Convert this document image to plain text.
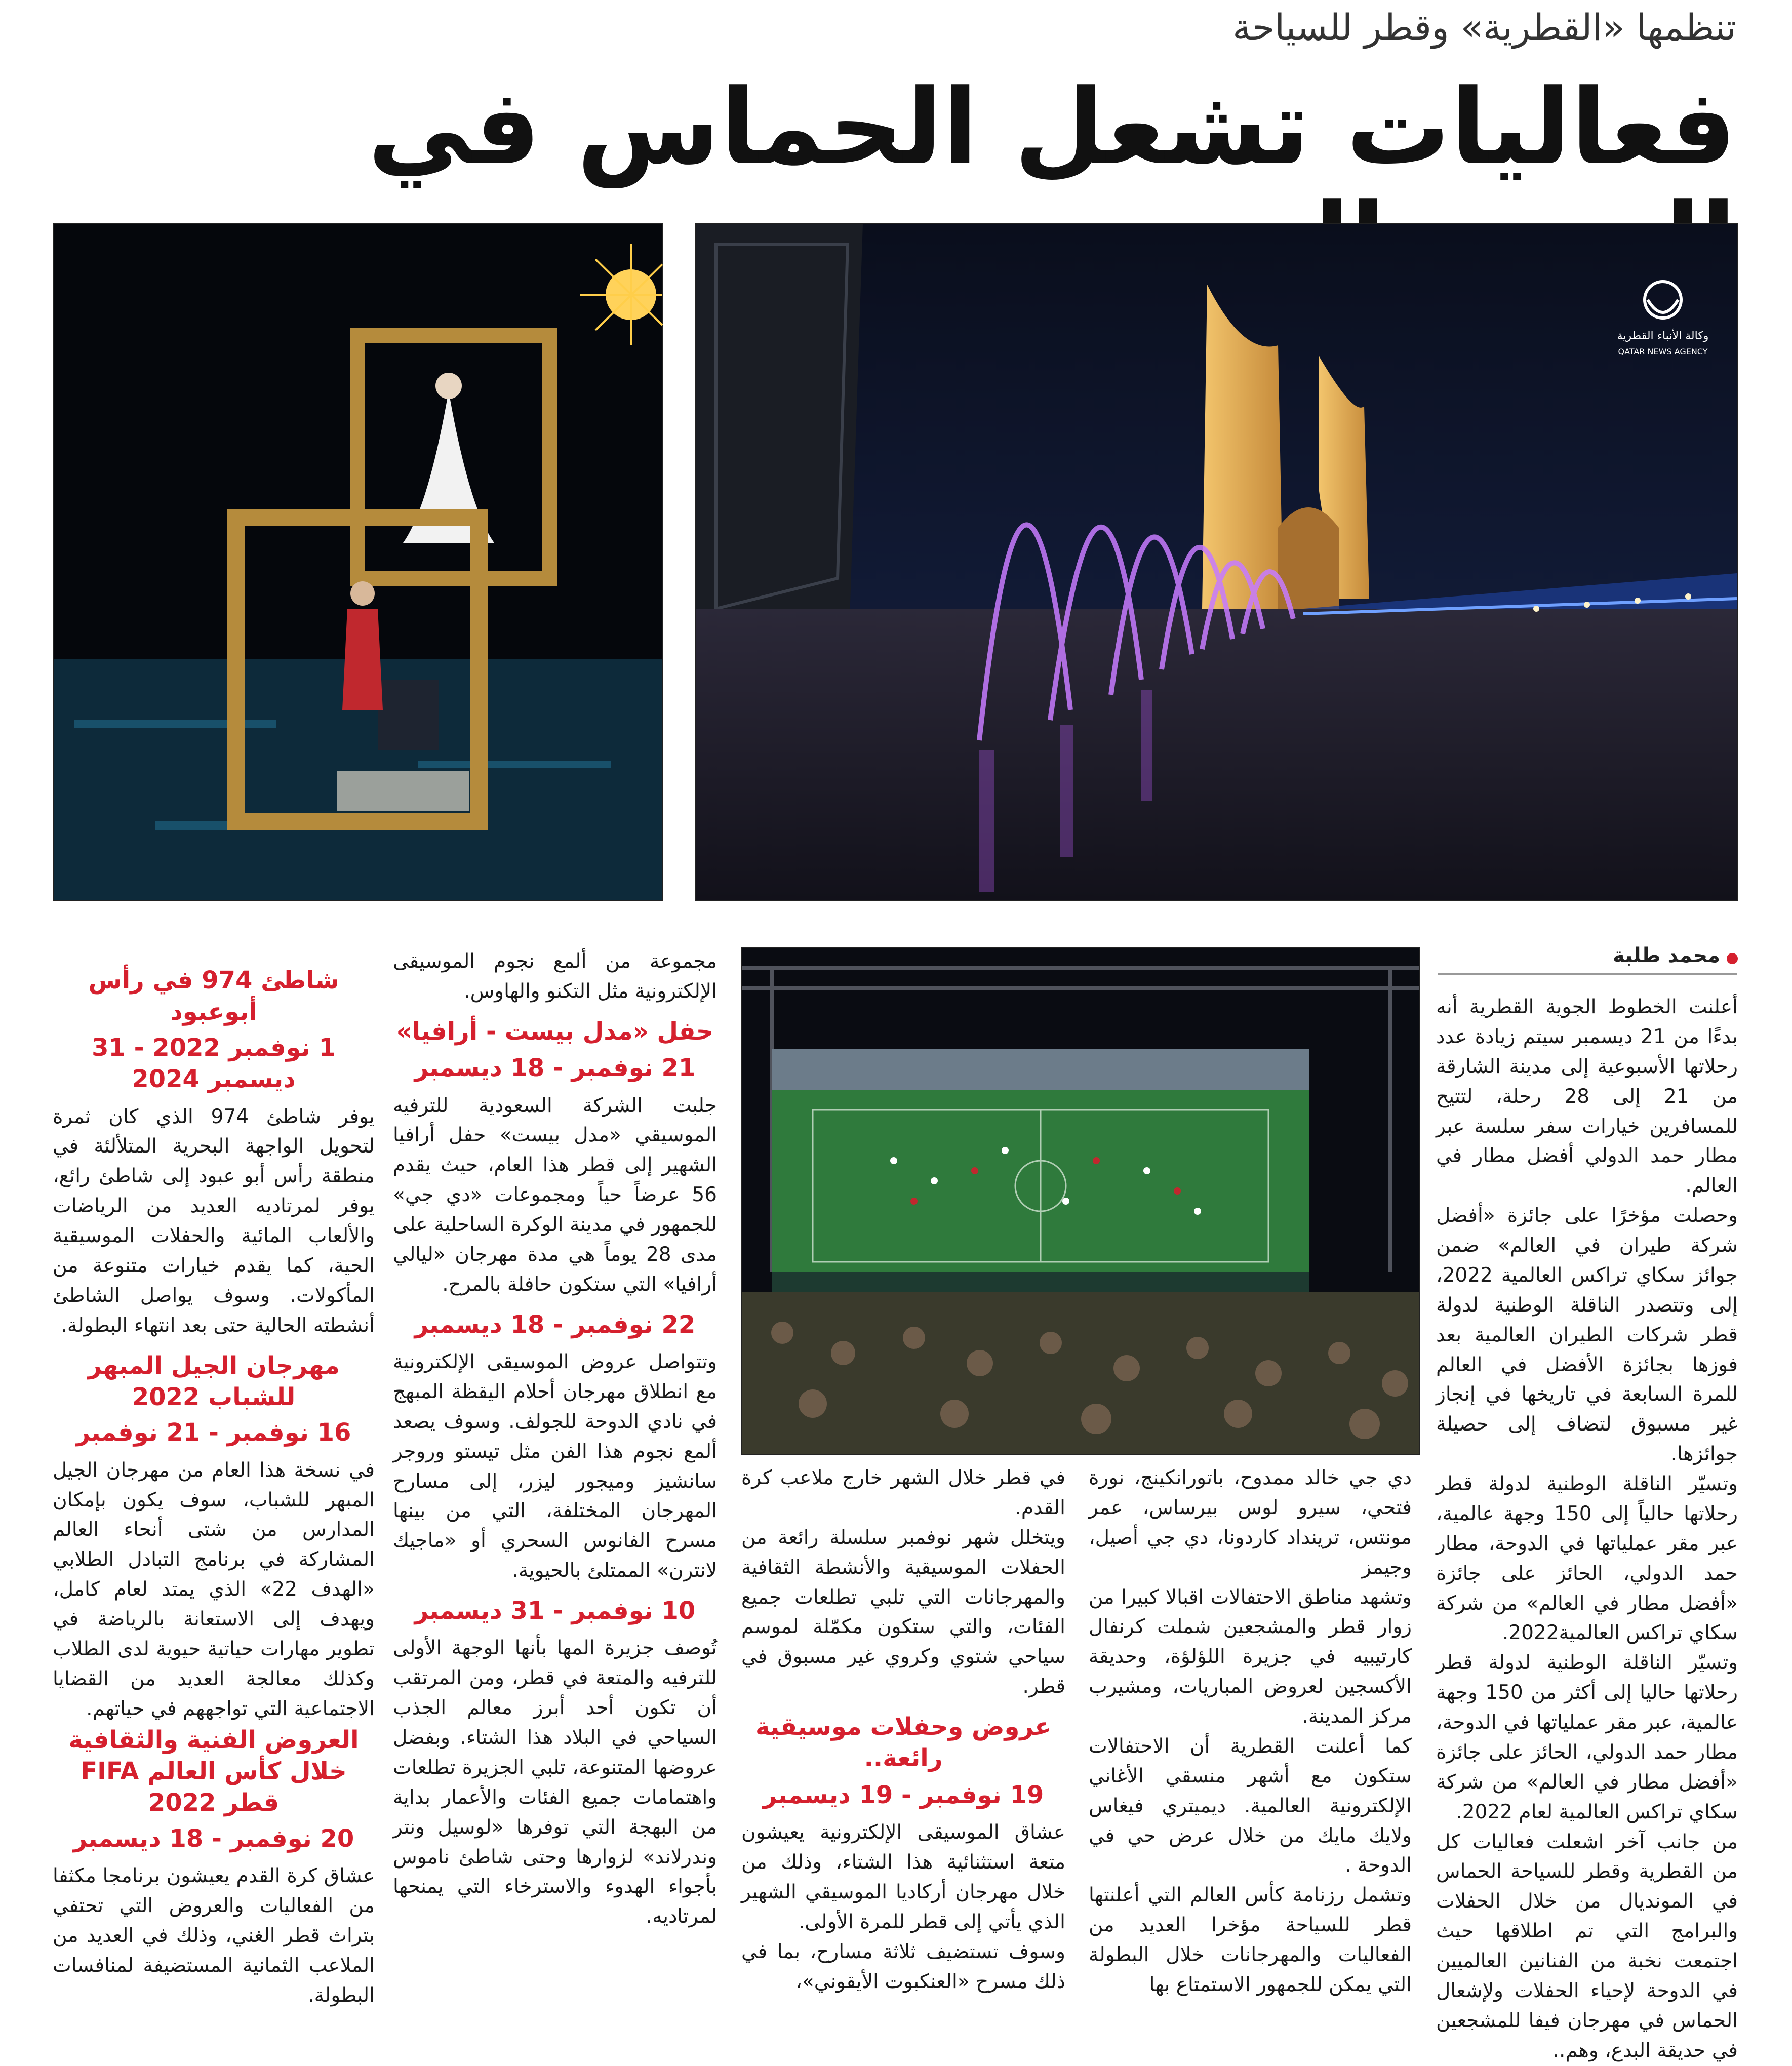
تنظمها «القطرية» وقطر للسياحة
فعاليات تشعل الحماس في
وكالة الأنباء القطرية
QATAR NEWS AGENCY
محمد طلبة

أعلنت الخطوط الجوية القطرية أنه بدءًا من 21 ديسمبر سيتم زيادة عدد رحلاتها الأسبوعية إلى مدينة الشارقة من 21 إلى 28 رحلة، لتتيح للمسافرين خيارات سفر سلسة عبر مطار حمد الدولي أفضل مطار في العالم.

وحصلت مؤخرًا على جائزة «أفضل شركة طيران في العالم» ضمن جوائز سكاي تراكس العالمية 2022، إلى وتتصدر الناقلة الوطنية لدولة قطر شركات الطيران العالمية بعد فوزها بجائزة الأفضل في العالم للمرة السابعة في تاريخها في إنجاز غير مسبوق لتضاف إلى حصيلة جوائزها.

وتسيّر الناقلة الوطنية لدولة قطر رحلاتها حالياً إلى 150 وجهة عالمية، عبر مقر عملياتها في الدوحة، مطار حمد الدولي، الحائز على جائزة «أفضل مطار في العالم» من شركة سكاي تراكس العالمية2022.

وتسيّر الناقلة الوطنية لدولة قطر رحلاتها حاليا إلى أكثر من 150 وجهة عالمية، عبر مقر عملياتها في الدوحة، مطار حمد الدولي، الحائز على جائزة «أفضل مطار في العالم» من شركة سكاي تراكس العالمية لعام 2022.

من جانب آخر اشعلت فعاليات كل من القطرية وقطر للسياحة الحماس في المونديال من خلال الحفلات والبرامج التي تم اطلاقها حيث اجتمعت نخبة من الفنانين العالميين في الدوحة لإحياء الحفلات ولإشعال الحماس في مهرجان فيفا للمشجعين في حديقة البدع، وهم..

دي جي خالد ممدوح، باتورانكينج، نورة فتحي، سيرو لوس بيرساس، عمر مونتس، ترينداد كاردونا، دي جي أصيل، وجيمز

وتشهد مناطق الاحتفالات اقبالا كبيرا من زوار قطر والمشجعين شملت كرنفال كارتيبيه في جزيرة اللؤلؤة، وحديقة الأكسجين لعروض المباريات، ومشيرب مركز المدينة.

كما أعلنت القطرية أن الاحتفالات ستكون مع أشهر منسقي الأغاني الإلكترونية العالمية. ديميتري فيغاس ولايك مايك من خلال عرض حي في الدوحة .

وتشمل رزنامة كأس العالم التي أعلنتها قطر للسياحة مؤخرا العديد من الفعاليات والمهرجانات خلال البطولة التي يمكن للجمهور الاستمتاع بها

في قطر خلال الشهر خارج ملاعب كرة القدم.

ويتخلل شهر نوفمبر سلسلة رائعة من الحفلات الموسيقية والأنشطة الثقافية والمهرجانات التي تلبي تطلعات جميع الفئات، والتي ستكون مكمّلة لموسم سياحي شتوي وكروي غير مسبوق في قطر.

عروض وحفلات موسيقية رائعة..
19 نوفمبر - 19 ديسمبر

عشاق الموسيقى الإلكترونية يعيشون متعة استثنائية هذا الشتاء، وذلك من خلال مهرجان أركاديا الموسيقي الشهير الذي يأتي إلى قطر للمرة الأولى.

وسوف تستضيف ثلاثة مسارح، بما في ذلك مسرح «العنكبوت الأيقوني»،

مجموعة من ألمع نجوم الموسيقى الإلكترونية مثل التكنو والهاوس.

حفل «مدل بيست - أرافيا»
21 نوفمبر - 18 ديسمبر

جلبت الشركة السعودية للترفيه الموسيقي «مدل بيست» حفل أرافيا الشهير إلى قطر هذا العام، حيث يقدم 56 عرضاً حياً ومجموعات «دي جي» للجمهور في مدينة الوكرة الساحلية على مدى 28 يوماً هي مدة مهرجان «ليالي أرافيا» التي ستكون حافلة بالمرح.

22 نوفمبر - 18 ديسمبر

وتتواصل عروض الموسيقى الإلكترونية مع انطلاق مهرجان أحلام اليقظة المبهج في نادي الدوحة للجولف. وسوف يصعد ألمع نجوم هذا الفن مثل تيستو وروجر سانشيز وميجور ليزر، إلى مسارح المهرجان المختلفة، التي من بينها مسرح الفانوس السحري أو «ماجيك لانترن» الممتلئ بالحيوية.

10 نوفمبر - 31 ديسمبر

تُوصف جزيرة المها بأنها الوجهة الأولى للترفيه والمتعة في قطر، ومن المرتقب أن تكون أحد أبرز معالم الجذب السياحي في البلاد هذا الشتاء. وبفضل عروضها المتنوعة، تلبي الجزيرة تطلعات واهتمامات جميع الفئات والأعمار بداية من البهجة التي توفرها «لوسيل ونتر وندرلاند» لزوارها وحتى شاطئ ناموس بأجواء الهدوء والاسترخاء التي يمنحها لمرتاديه.

شاطئ 974 في رأس أبوعبود
1 نوفمبر 2022 - 31 ديسمبر 2024

يوفر شاطئ 974 الذي كان ثمرة لتحويل الواجهة البحرية المتلألئة في منطقة رأس أبو عبود إلى شاطئ رائع، يوفر لمرتاديه العديد من الرياضات والألعاب المائية والحفلات الموسيقية الحية، كما يقدم خيارات متنوعة من المأكولات. وسوف يواصل الشاطئ أنشطته الحالية حتى بعد انتهاء البطولة.

مهرجان الجيل المبهر للشباب 2022
16 نوفمبر - 21 نوفمبر

في نسخة هذا العام من مهرجان الجيل المبهر للشباب، سوف يكون بإمكان المدارس من شتى أنحاء العالم المشاركة في برنامج التبادل الطلابي «الهدف 22» الذي يمتد لعام كامل، ويهدف إلى الاستعانة بالرياضة في تطوير مهارات حياتية حيوية لدى الطلاب وكذلك معالجة العديد من القضايا الاجتماعية التي تواجههم في حياتهم.

العروض الفنية والثقافية خلال كأس العالم FIFA قطر 2022
20 نوفمبر - 18 ديسمبر

عشاق كرة القدم يعيشون برنامجا مكثفا من الفعاليات والعروض التي تحتفي بتراث قطر الغني، وذلك في العديد من الملاعب الثمانية المستضيفة لمنافسات البطولة.
